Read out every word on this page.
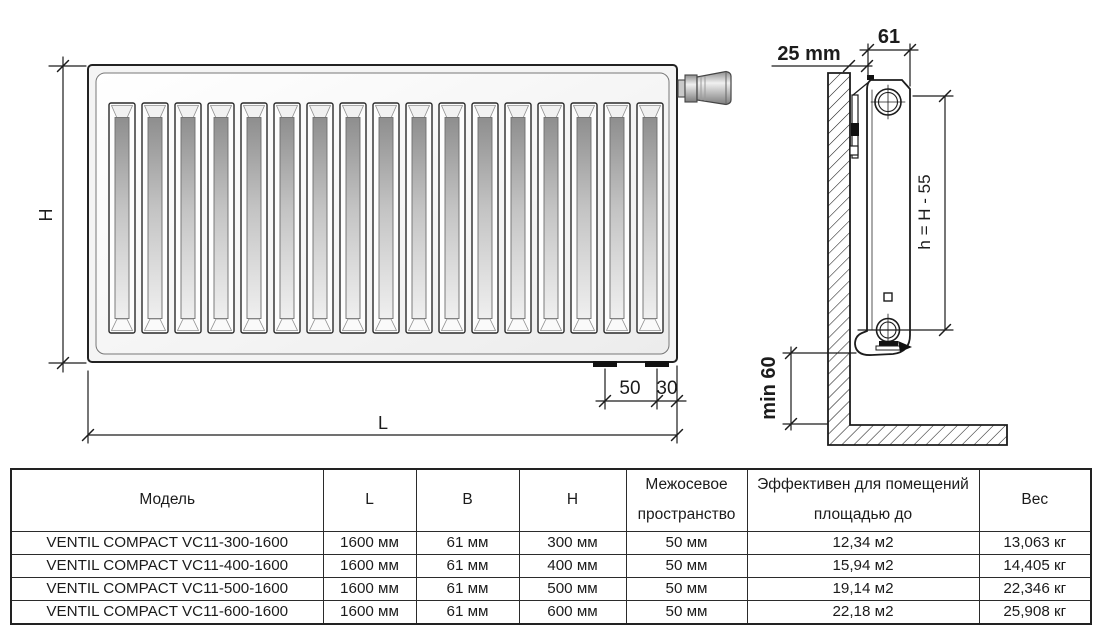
H
50 30
L
25 mm
61
h = H - 55
min 60
Модель	L	B	H	Межосевое пространство	Эффективен для помещений площадью до	Вес
VENTIL COMPACT VC11-300-1600	1600 мм	61 мм	300 мм	50 мм	12,34 м2	13,063 кг
VENTIL COMPACT VC11-400-1600	1600 мм	61 мм	400 мм	50 мм	15,94 м2	14,405 кг
VENTIL COMPACT VC11-500-1600	1600 мм	61 мм	500 мм	50 мм	19,14 м2	22,346 кг
VENTIL COMPACT VC11-600-1600	1600 мм	61 мм	600 мм	50 мм	22,18 м2	25,908 кг
